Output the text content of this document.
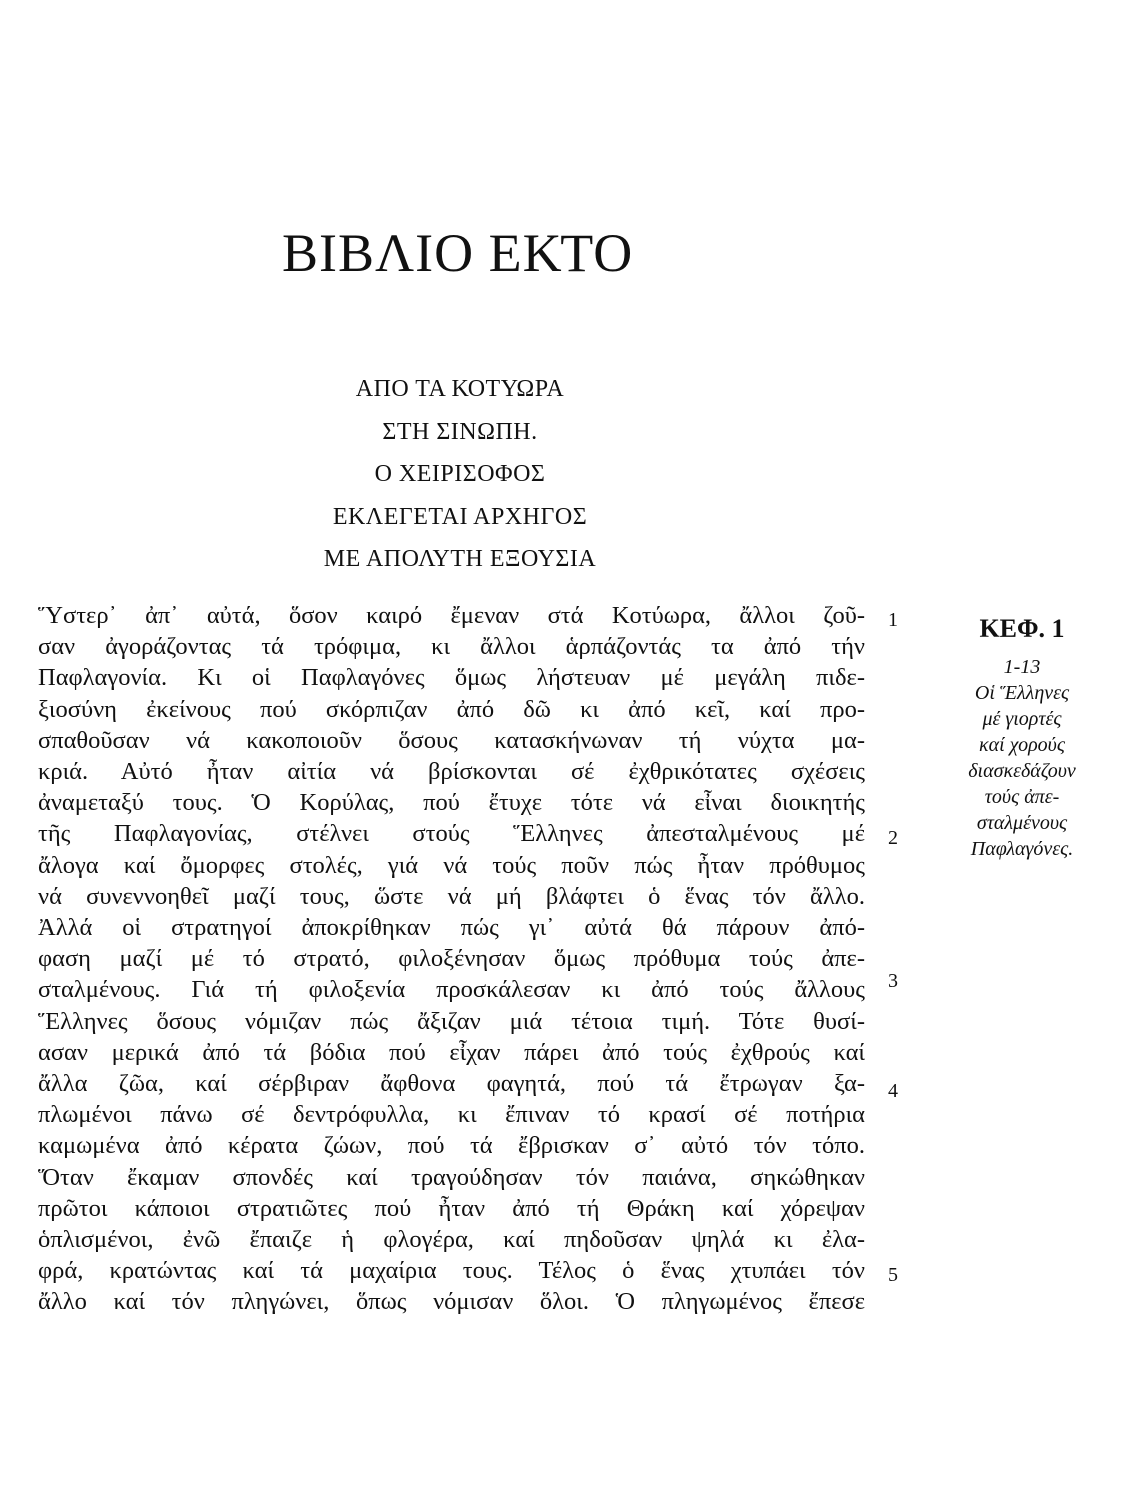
ΒΙΒΛΙΟ ΕΚΤΟ
ΑΠΟ ΤΑ ΚΟΤΥΩΡΑ
ΣΤΗ ΣΙΝΩΠΗ.
Ο ΧΕΙΡΙΣΟΦΟΣ
ΕΚΛΕΓΕΤΑΙ ΑΡΧΗΓΟΣ
ΜΕ ΑΠΟΛΥΤΗ ΕΞΟΥΣΙΑ
Ὕστερ᾽ ἀπ᾽ αὐτά, ὅσον καιρό ἔμεναν στά Κοτύωρα, ἄλλοι ζοῦ-
σαν ἀγοράζοντας τά τρόφιμα, κι ἄλλοι ἁρπάζοντάς τα ἀπό τήν
Παφλαγονία. Κι οἱ Παφλαγόνες ὅμως λήστευαν μέ μεγάλη πιδε-
ξιοσύνη ἐκείνους πού σκόρπιζαν ἀπό δῶ κι ἀπό κεῖ, καί προ-
σπαθοῦσαν νά κακοποιοῦν ὅσους κατασκήνωναν τή νύχτα μα-
κριά. Αὐτό ἦταν αἰτία νά βρίσκονται σέ ἐχθρικότατες σχέσεις
ἀναμεταξύ τους. Ὁ Κορύλας, πού ἔτυχε τότε νά εἶναι διοικητής
τῆς Παφλαγονίας, στέλνει στούς Ἕλληνες ἀπεσταλμένους μέ
ἄλογα καί ὄμορφες στολές, γιά νά τούς ποῦν πώς ἦταν πρόθυμος
νά συνεννοηθεῖ μαζί τους, ὥστε νά μή βλάφτει ὁ ἕνας τόν ἄλλο.
Ἀλλά οἱ στρατηγοί ἀποκρίθηκαν πώς γι᾽ αὐτά θά πάρουν ἀπό-
φαση μαζί μέ τό στρατό, φιλοξένησαν ὅμως πρόθυμα τούς ἀπε-
σταλμένους. Γιά τή φιλοξενία προσκάλεσαν κι ἀπό τούς ἄλλους
Ἕλληνες ὅσους νόμιζαν πώς ἄξιζαν μιά τέτοια τιμή. Τότε θυσί-
ασαν μερικά ἀπό τά βόδια πού εἶχαν πάρει ἀπό τούς ἐχθρούς καί
ἄλλα ζῶα, καί σέρβιραν ἄφθονα φαγητά, πού τά ἔτρωγαν ξα-
πλωμένοι πάνω σέ δεντρόφυλλα, κι ἔπιναν τό κρασί σέ ποτήρια
καμωμένα ἀπό κέρατα ζώων, πού τά ἔβρισκαν σ᾽ αὐτό τόν τόπο.
Ὅταν ἔκαμαν σπονδές καί τραγούδησαν τόν παιάνα, σηκώθηκαν
πρῶτοι κάποιοι στρατιῶτες πού ἦταν ἀπό τή Θράκη καί χόρεψαν
ὁπλισμένοι, ἐνῶ ἔπαιζε ἡ φλογέρα, καί πηδοῦσαν ψηλά κι ἐλα-
φρά, κρατώντας καί τά μαχαίρια τους. Τέλος ὁ ἕνας χτυπάει τόν
ἄλλο καί τόν πληγώνει, ὅπως νόμισαν ὅλοι. Ὁ πληγωμένος ἔπεσε
1
2
3
4
5
ΚΕΦ. 1
1-13
Οἱ Ἕλληνες
μέ γιορτές
καί χορούς
διασκεδάζουν
τούς ἀπε-
σταλμένους
Παφλαγόνες.
